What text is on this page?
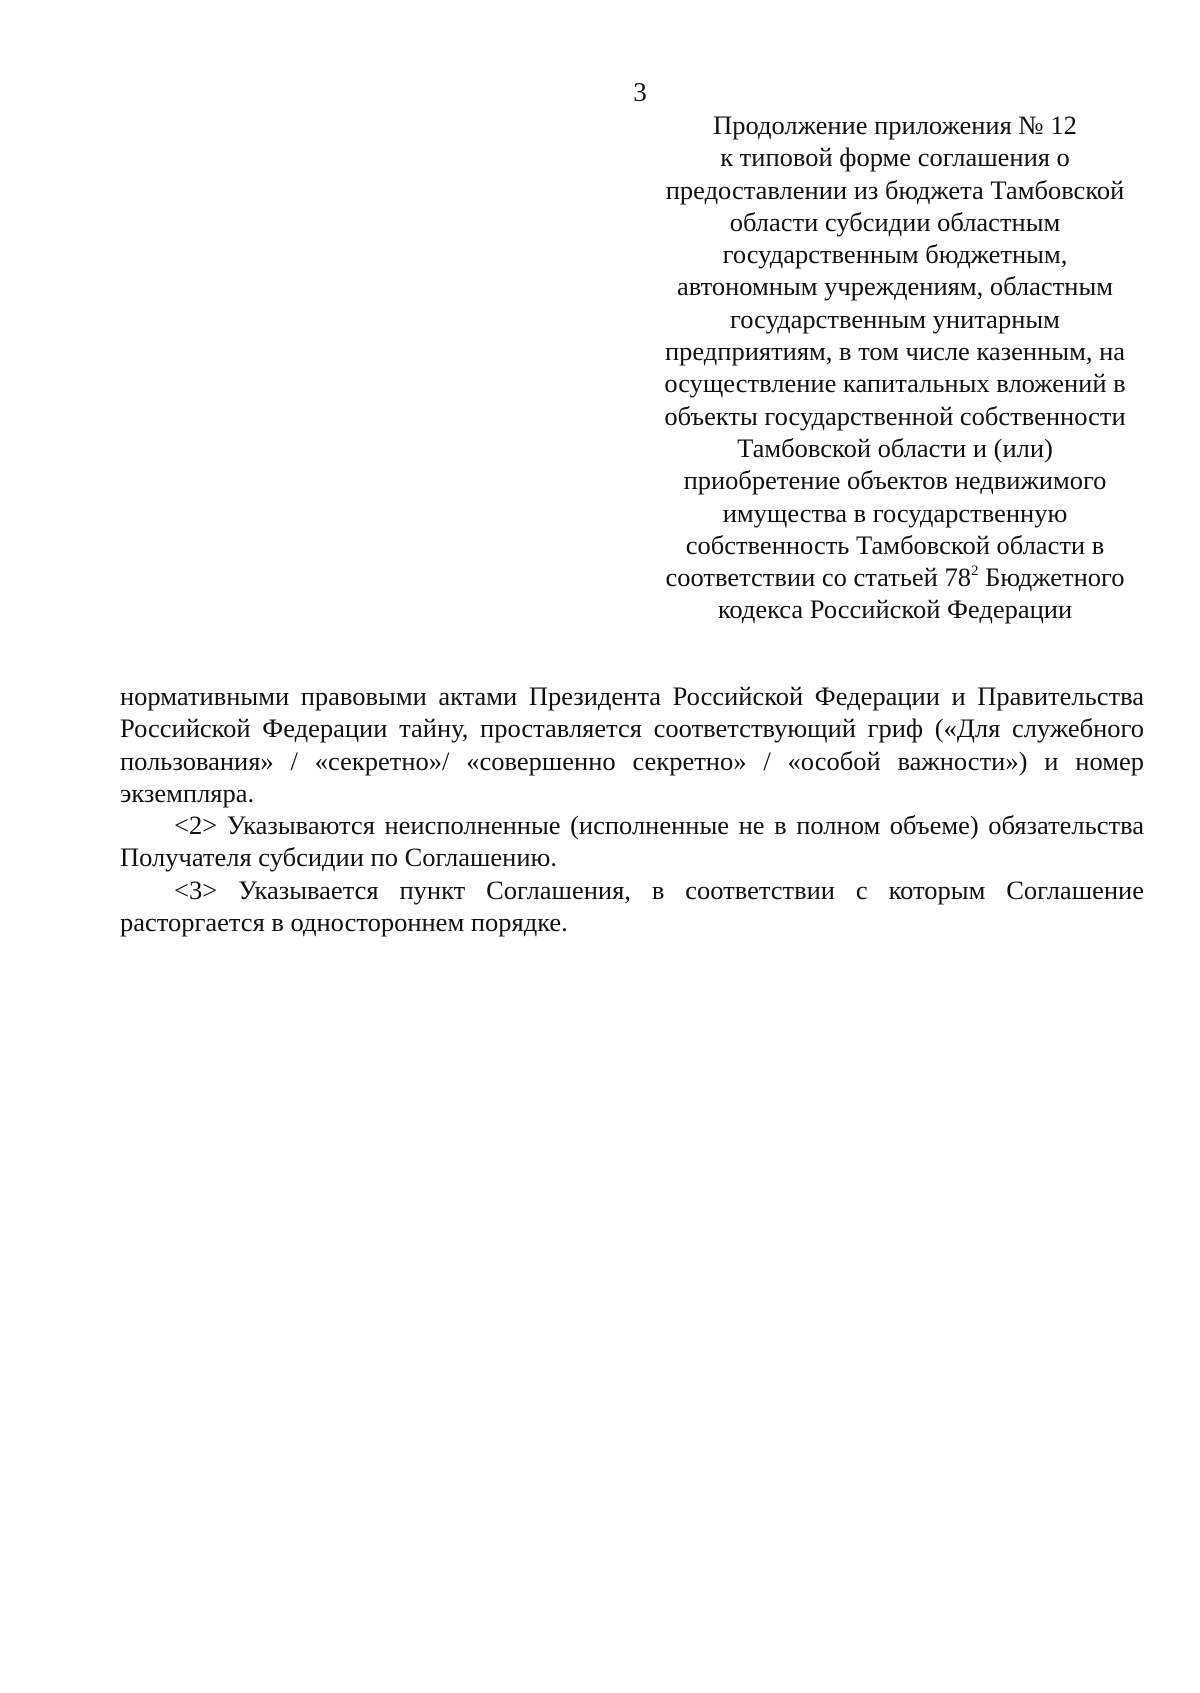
3
Продолжение приложения № 12
к типовой форме соглашения о
предоставлении из бюджета Тамбовской
области субсидии областным
государственным бюджетным,
автономным учреждениям, областным
государственным унитарным
предприятиям, в том числе казенным, на
осуществление капитальных вложений в
объекты государственной собственности
Тамбовской области и (или)
приобретение объектов недвижимого
имущества в государственную
собственность Тамбовской области в
соответствии со статьей $78^2$ Бюджетного
кодекса Российской Федерации

нормативными правовыми актами Президента Российской Федерации и Правительства Российской Федерации тайну, проставляется соответствующий гриф («Для служебного пользования» / «секретно»/ «совершенно секретно» / «особой важности») и номер экземпляра.

<2> Указываются неисполненные (исполненные не в полном объеме) обязательства Получателя субсидии по Соглашению.

<3> Указывается пункт Соглашения, в соответствии с которым Соглашение расторгается в одностороннем порядке.
